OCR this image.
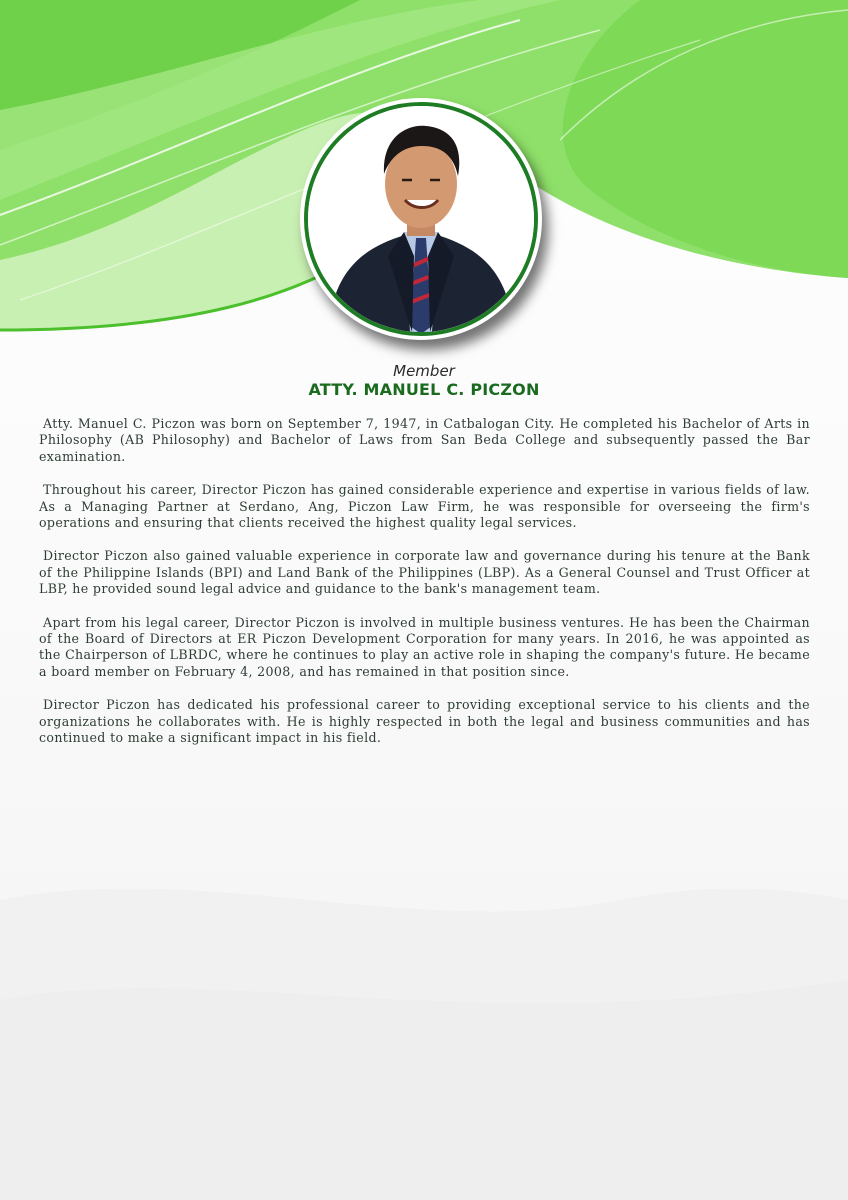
Member
ATTY. MANUEL C. PICZON

Atty. Manuel C. Piczon was born on September 7, 1947, in Catbalogan City. He completed his Bachelor of Arts in Philosophy (AB Philosophy) and Bachelor of Laws from San Beda College and subsequently passed the Bar examination.

Throughout his career, Director Piczon has gained considerable experience and expertise in various fields of law. As a Managing Partner at Serdano, Ang, Piczon Law Firm, he was responsible for overseeing the firm's operations and ensuring that clients received the highest quality legal services.

Director Piczon also gained valuable experience in corporate law and governance during his tenure at the Bank of the Philippine Islands (BPI) and Land Bank of the Philippines (LBP). As a General Counsel and Trust Officer at LBP, he provided sound legal advice and guidance to the bank's management team.

Apart from his legal career, Director Piczon is involved in multiple business ventures. He has been the Chairman of the Board of Directors at ER Piczon Development Corporation for many years. In 2016, he was appointed as the Chairperson of LBRDC, where he continues to play an active role in shaping the company's future. He became a board member on February 4, 2008, and has remained in that position since.

Director Piczon has dedicated his professional career to providing exceptional service to his clients and the organizations he collaborates with. He is highly respected in both the legal and business communities and has continued to make a significant impact in his field.
